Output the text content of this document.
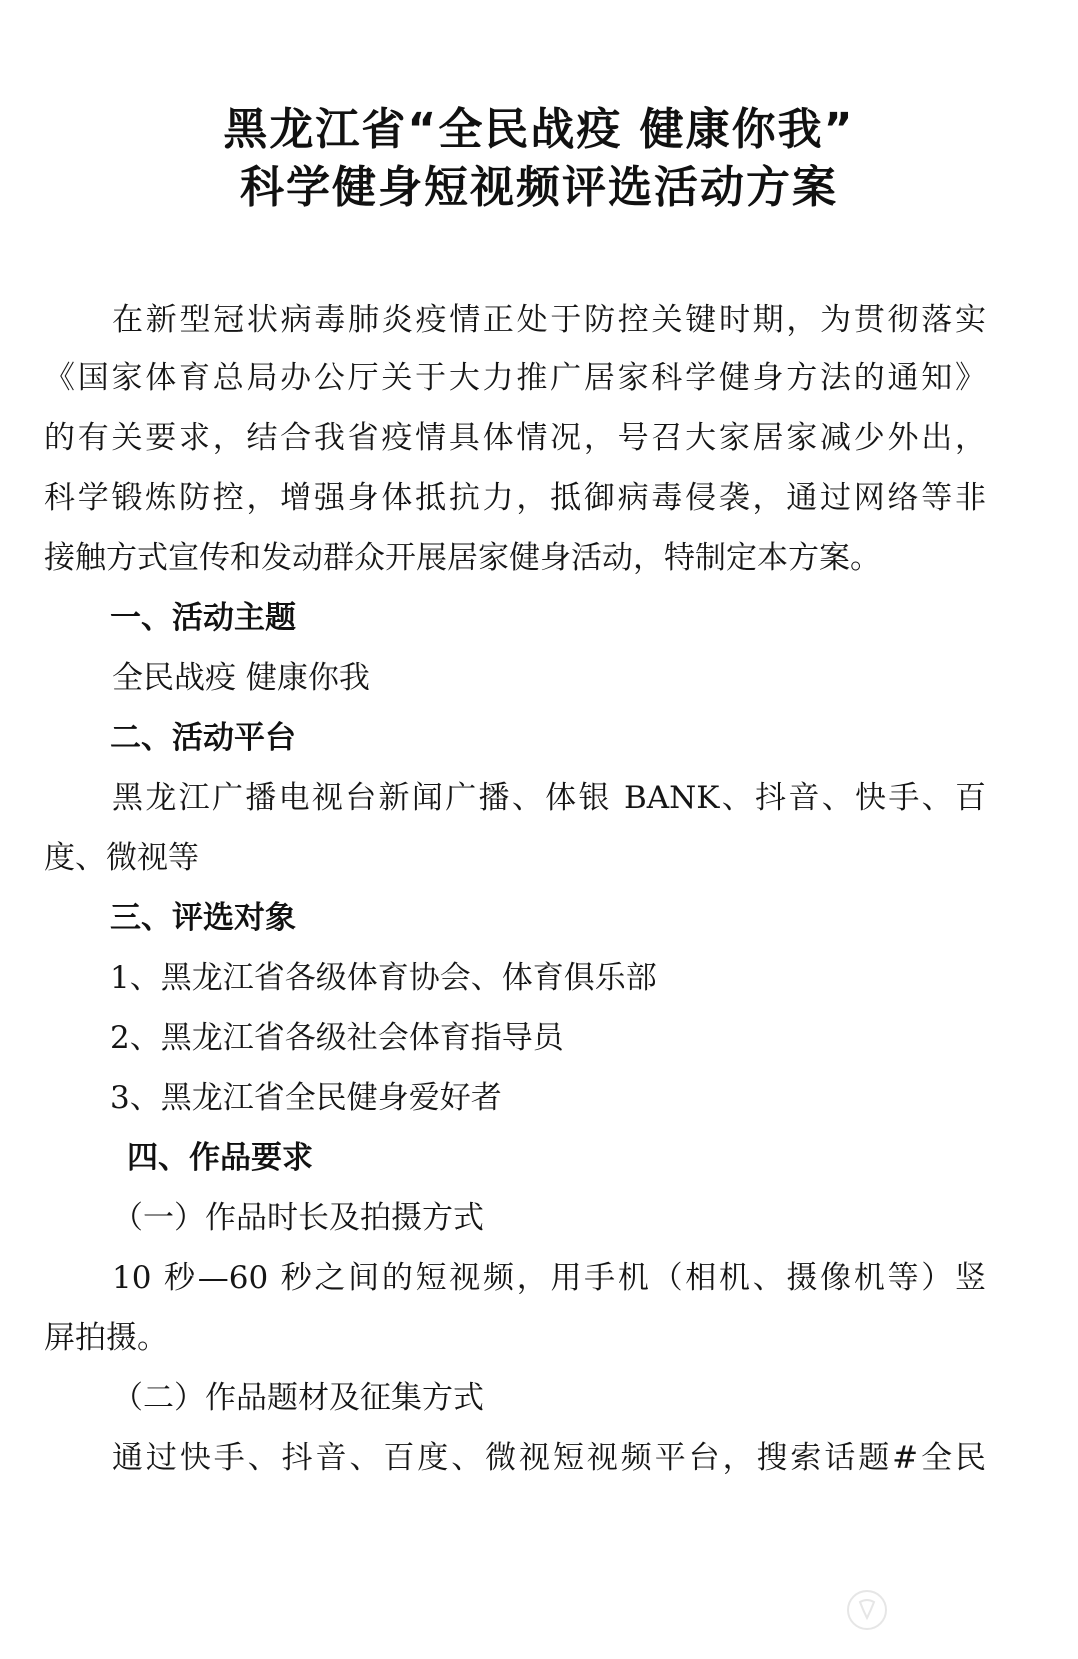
黑龙江省“全民战疫 健康你我”
科学健身短视频评选活动方案
在新型冠状病毒肺炎疫情正处于防控关键时期，为贯彻落实
《国家体育总局办公厅关于大力推广居家科学健身方法的通知》
的有关要求，结合我省疫情具体情况，号召大家居家减少外出，
科学锻炼防控，增强身体抵抗力，抵御病毒侵袭，通过网络等非
接触方式宣传和发动群众开展居家健身活动，特制定本方案。
一、活动主题
全民战疫 健康你我
二、活动平台
黑龙江广播电视台新闻广播、体银 BANK、抖音、快手、百
度、微视等
三、评选对象
1、黑龙江省各级体育协会、体育俱乐部
2、黑龙江省各级社会体育指导员
3、黑龙江省全民健身爱好者
四、作品要求
（一）作品时长及拍摄方式
10 秒—60 秒之间的短视频，用手机（相机、摄像机等）竖
屏拍摄。
（二）作品题材及征集方式
通过快手、抖音、百度、微视短视频平台，搜索话题#全民
